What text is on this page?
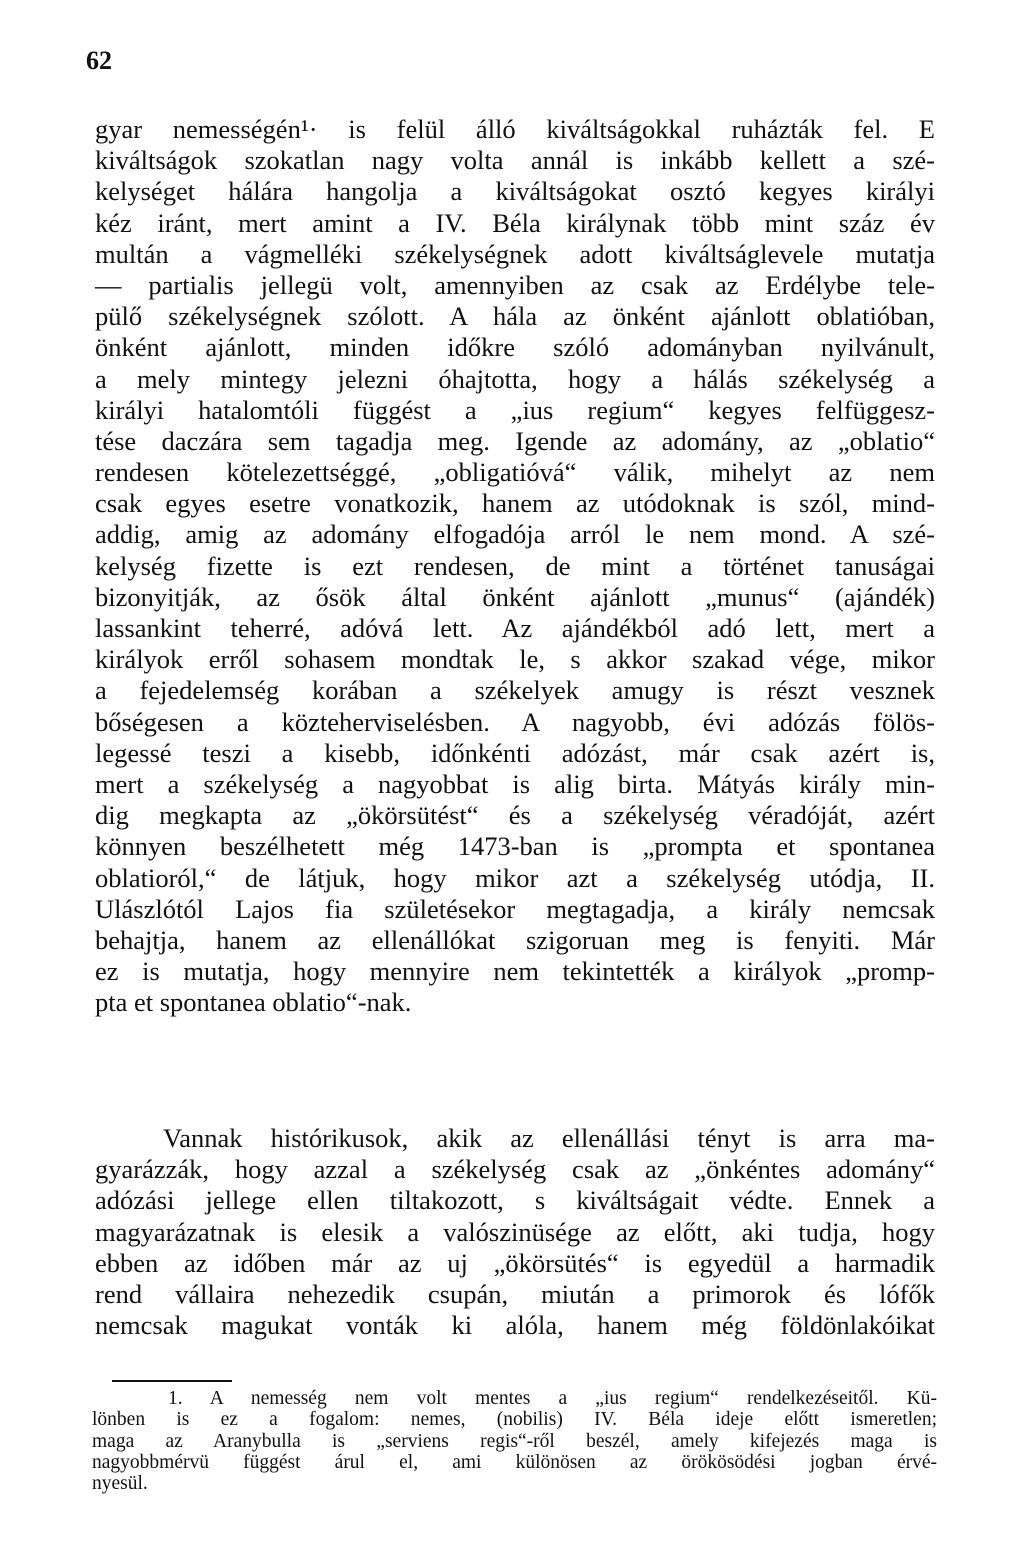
62
gyar nemességén¹· is felül álló kiváltságokkal ruházták fel. E
kiváltságok szokatlan nagy volta annál is inkább kellett a szé-
kelységet hálára hangolja a kiváltságokat osztó kegyes királyi
kéz iránt, mert amint a IV. Béla királynak több mint száz év
multán a vágmelléki székelységnek adott kiváltságlevele mutatja
— partialis jellegü volt, amennyiben az csak az Erdélybe tele-
pülő székelységnek szólott. A hála az önként ajánlott oblatióban,
önként ajánlott, minden időkre szóló adományban nyilvánult,
a mely mintegy jelezni óhajtotta, hogy a hálás székelység a
királyi hatalomtóli függést a „ius regium“ kegyes felfüggesz-
tése daczára sem tagadja meg. Igende az adomány, az „oblatio“
rendesen kötelezettséggé, „obligatióvá“ válik, mihelyt az nem
csak egyes esetre vonatkozik, hanem az utódoknak is szól, mind-
addig, amig az adomány elfogadója arról le nem mond. A szé-
kelység fizette is ezt rendesen, de mint a történet tanuságai
bizonyitják, az ősök által önként ajánlott „munus“ (ajándék)
lassankint teherré, adóvá lett. Az ajándékból adó lett, mert a
királyok erről sohasem mondtak le, s akkor szakad vége, mikor
a fejedelemség korában a székelyek amugy is részt vesznek
bőségesen a közteherviselésben. A nagyobb, évi adózás fölös-
legessé teszi a kisebb, időnkénti adózást, már csak azért is,
mert a székelység a nagyobbat is alig birta. Mátyás király min-
dig megkapta az „ökörsütést“ és a székelység véradóját, azért
könnyen beszélhetett még 1473-ban is „prompta et spontanea
oblatioról,“ de látjuk, hogy mikor azt a székelység utódja, II.
Ulászlótól Lajos fia születésekor megtagadja, a király nemcsak
behajtja, hanem az ellenállókat szigoruan meg is fenyiti. Már
ez is mutatja, hogy mennyire nem tekintették a királyok „promp-
pta et spontanea oblatio“-nak.
Vannak histórikusok, akik az ellenállási tényt is arra ma-
gyarázzák, hogy azzal a székelység csak az „önkéntes adomány“
adózási jellege ellen tiltakozott, s kiváltságait védte. Ennek a
magyarázatnak is elesik a valószinüsége az előtt, aki tudja, hogy
ebben az időben már az uj „ökörsütés“ is egyedül a harmadik
rend vállaira nehezedik csupán, miután a primorok és lófők
nemcsak magukat vonták ki alóla, hanem még földönlakóikat
1. A nemesség nem volt mentes a „ius regium“ rendelkezéseitől. Kü-
lönben is ez a fogalom: nemes, (nobilis) IV. Béla ideje előtt ismeretlen;
maga az Aranybulla is „serviens regis“-ről beszél, amely kifejezés maga is
nagyobbmérvü függést árul el, ami különösen az örökösödési jogban érvé-
nyesül.
